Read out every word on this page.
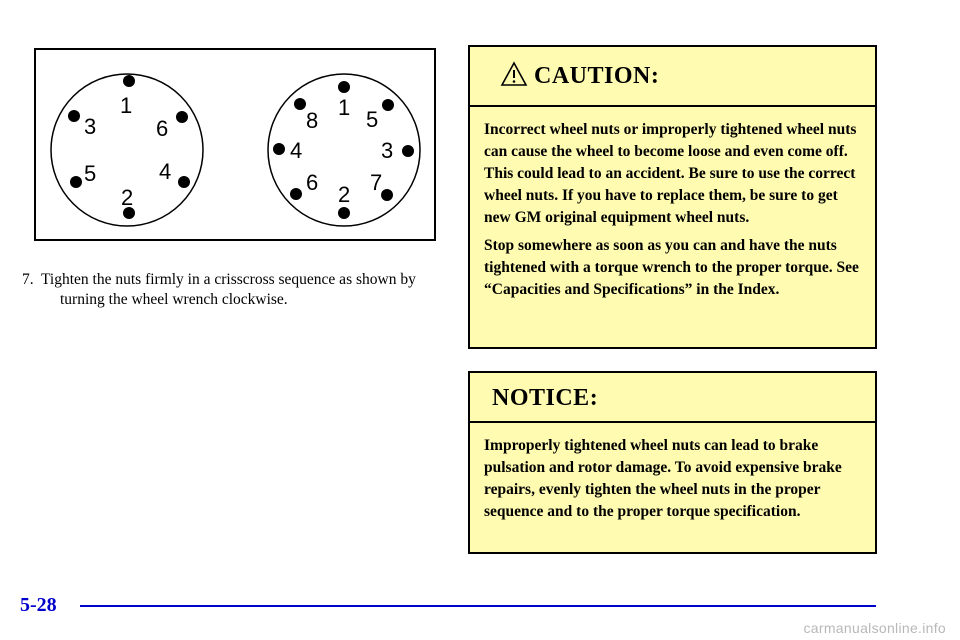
1
2
3
4
5
6
1
2
3
4
5
6 7
8
7. Tighten the nuts firmly in a crisscross sequence as shown by turning the wheel wrench clockwise.
CAUTION:

Incorrect wheel nuts or improperly tightened wheel nuts can cause the wheel to become loose and even come off. This could lead to an accident. Be sure to use the correct wheel nuts. If you have to replace them, be sure to get new GM original equipment wheel nuts.

Stop somewhere as soon as you can and have the nuts tightened with a torque wrench to the proper torque. See “Capacities and Specifications” in the Index.

NOTICE:
Improperly tightened wheel nuts can lead to brake pulsation and rotor damage. To avoid expensive brake repairs, evenly tighten the wheel nuts in the proper sequence and to the proper torque specification.
5-28
carmanualsonline.info
